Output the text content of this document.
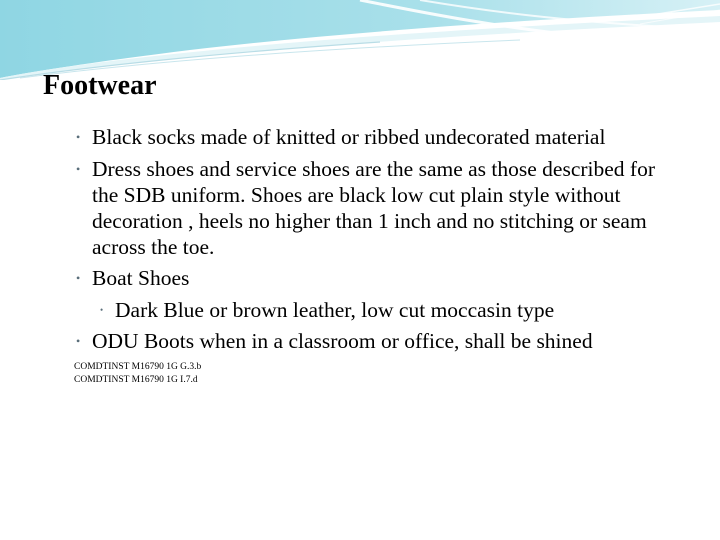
Footwear
• Black socks made of knitted or ribbed undecorated material
• Dress shoes and service shoes are the same as those described for the SDB uniform. Shoes are black low cut plain style without decoration , heels no higher than 1 inch and no stitching or seam across the toe.
• Boat Shoes
• Dark Blue or brown leather, low cut moccasin type
• ODU Boots when in a classroom or office, shall be shined
COMDTINST M16790 1G G.3.b
COMDTINST M16790 1G I.7.d
